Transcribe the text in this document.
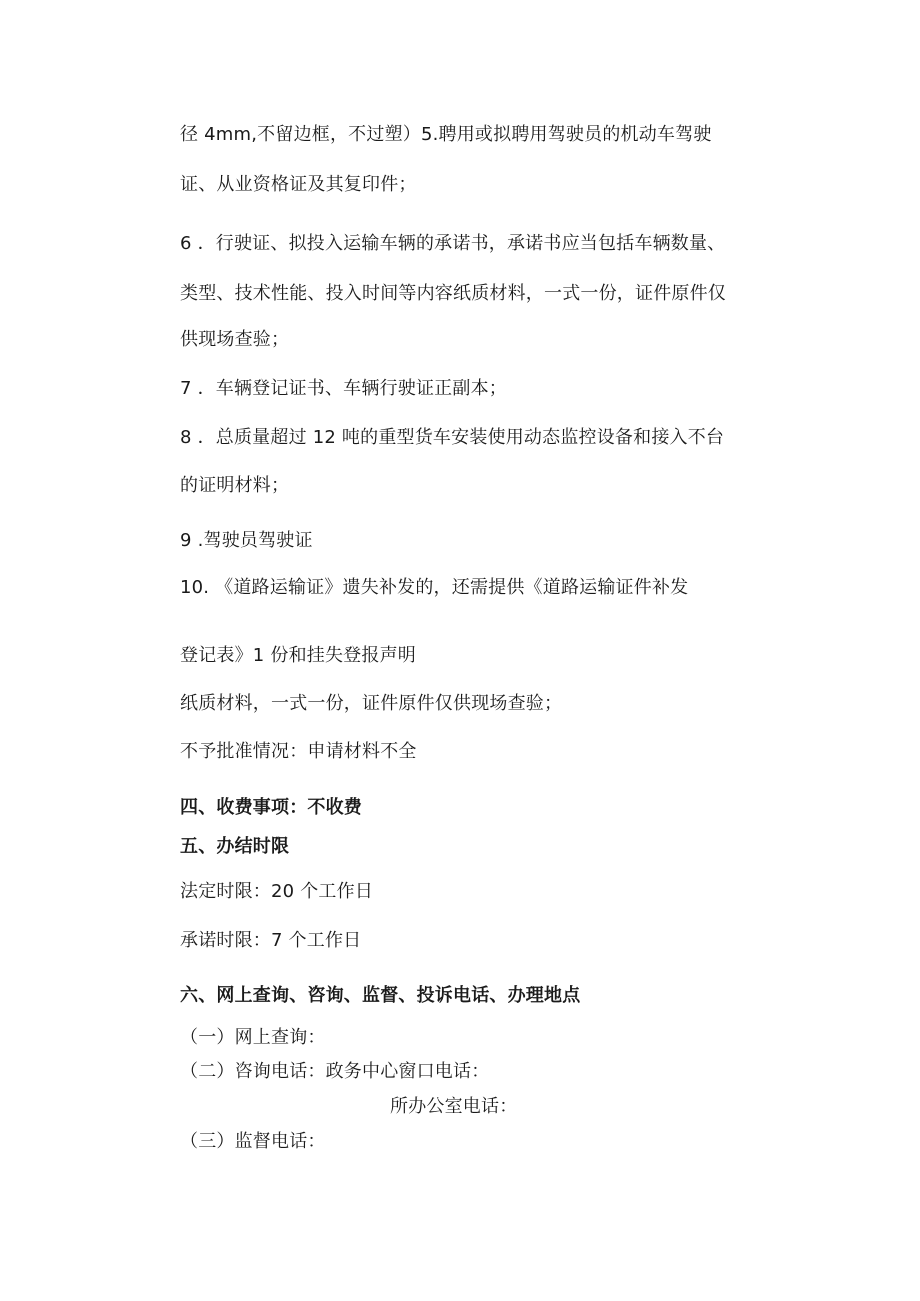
径 4mm,不留边框，不过塑）5.聘用或拟聘用驾驶员的机动车驾驶
证、从业资格证及其复印件；
6 ．行驶证、拟投入运输车辆的承诺书，承诺书应当包括车辆数量、
类型、技术性能、投入时间等内容纸质材料，一式一份，证件原件仅
供现场查验；
7 ．车辆登记证书、车辆行驶证正副本；
8 ．总质量超过 12 吨的重型货车安装使用动态监控设备和接入不台
的证明材料；
9 .驾驶员驾驶证
10. 《道路运输证》遗失补发的，还需提供《道路运输证件补发
登记表》1 份和挂失登报声明
纸质材料，一式一份，证件原件仅供现场查验；
不予批准情况：申请材料不全
四、收费事项：不收费
五、办结时限
法定时限：20 个工作日
承诺时限：7 个工作日
六、网上查询、咨询、监督、投诉电话、办理地点
（一）网上查询：
（二）咨询电话：政务中心窗口电话：
所办公室电话：
（三）监督电话：
